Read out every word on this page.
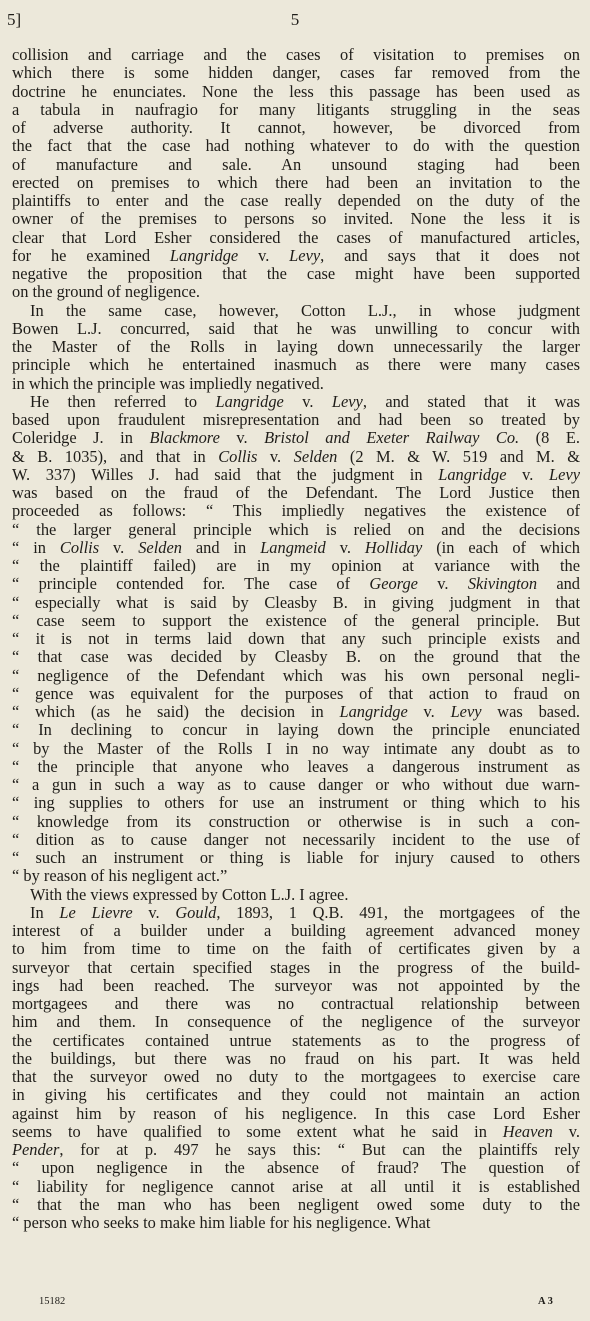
5]	5
collision and carriage and the cases of visitation to premises on
which there is some hidden danger, cases far removed from the
doctrine he enunciates. None the less this passage has been used as
a tabula in naufragio for many litigants struggling in the seas
of adverse authority. It cannot, however, be divorced from
the fact that the case had nothing whatever to do with the question
of manufacture and sale. An unsound staging had been
erected on premises to which there had been an invitation to the
plaintiffs to enter and the case really depended on the duty of the
owner of the premises to persons so invited. None the less it is
clear that Lord Esher considered the cases of manufactured articles,
for he examined Langridge v. Levy, and says that it does not
negative the proposition that the case might have been supported
on the ground of negligence.
In the same case, however, Cotton L.J., in whose judgment
Bowen L.J. concurred, said that he was unwilling to concur with
the Master of the Rolls in laying down unnecessarily the larger
principle which he entertained inasmuch as there were many cases
in which the principle was impliedly negatived.
He then referred to Langridge v. Levy, and stated that it was
based upon fraudulent misrepresentation and had been so treated by
Coleridge J. in Blackmore v. Bristol and Exeter Railway Co. (8 E.
& B. 1035), and that in Collis v. Selden (2 M. & W. 519 and M. &
W. 337) Willes J. had said that the judgment in Langridge v. Levy
was based on the fraud of the Defendant. The Lord Justice then
proceeded as follows: “ This impliedly negatives the existence of
“ the larger general principle which is relied on and the decisions
“ in Collis v. Selden and in Langmeid v. Holliday (in each of which
“ the plaintiff failed) are in my opinion at variance with the
“ principle contended for. The case of George v. Skivington and
“ especially what is said by Cleasby B. in giving judgment in that
“ case seem to support the existence of the general principle. But
“ it is not in terms laid down that any such principle exists and
“ that case was decided by Cleasby B. on the ground that the
“ negligence of the Defendant which was his own personal negli-
“ gence was equivalent for the purposes of that action to fraud on
“ which (as he said) the decision in Langridge v. Levy was based.
“ In declining to concur in laying down the principle enunciated
“ by the Master of the Rolls I in no way intimate any doubt as to
“ the principle that anyone who leaves a dangerous instrument as
“ a gun in such a way as to cause danger or who without due warn-
“ ing supplies to others for use an instrument or thing which to his
“ knowledge from its construction or otherwise is in such a con-
“ dition as to cause danger not necessarily incident to the use of
“ such an instrument or thing is liable for injury caused to others
“ by reason of his negligent act.”
With the views expressed by Cotton L.J. I agree.
In Le Lievre v. Gould, 1893, 1 Q.B. 491, the mortgagees of the
interest of a builder under a building agreement advanced money
to him from time to time on the faith of certificates given by a
surveyor that certain specified stages in the progress of the build-
ings had been reached. The surveyor was not appointed by the
mortgagees and there was no contractual relationship between
him and them. In consequence of the negligence of the surveyor
the certificates contained untrue statements as to the progress of
the buildings, but there was no fraud on his part. It was held
that the surveyor owed no duty to the mortgagees to exercise care
in giving his certificates and they could not maintain an action
against him by reason of his negligence. In this case Lord Esher
seems to have qualified to some extent what he said in Heaven v.
Pender, for at p. 497 he says this: “ But can the plaintiffs rely
“ upon negligence in the absence of fraud? The question of
“ liability for negligence cannot arise at all until it is established
“ that the man who has been negligent owed some duty to the
“ person who seeks to make him liable for his negligence. What
15182	A 3
